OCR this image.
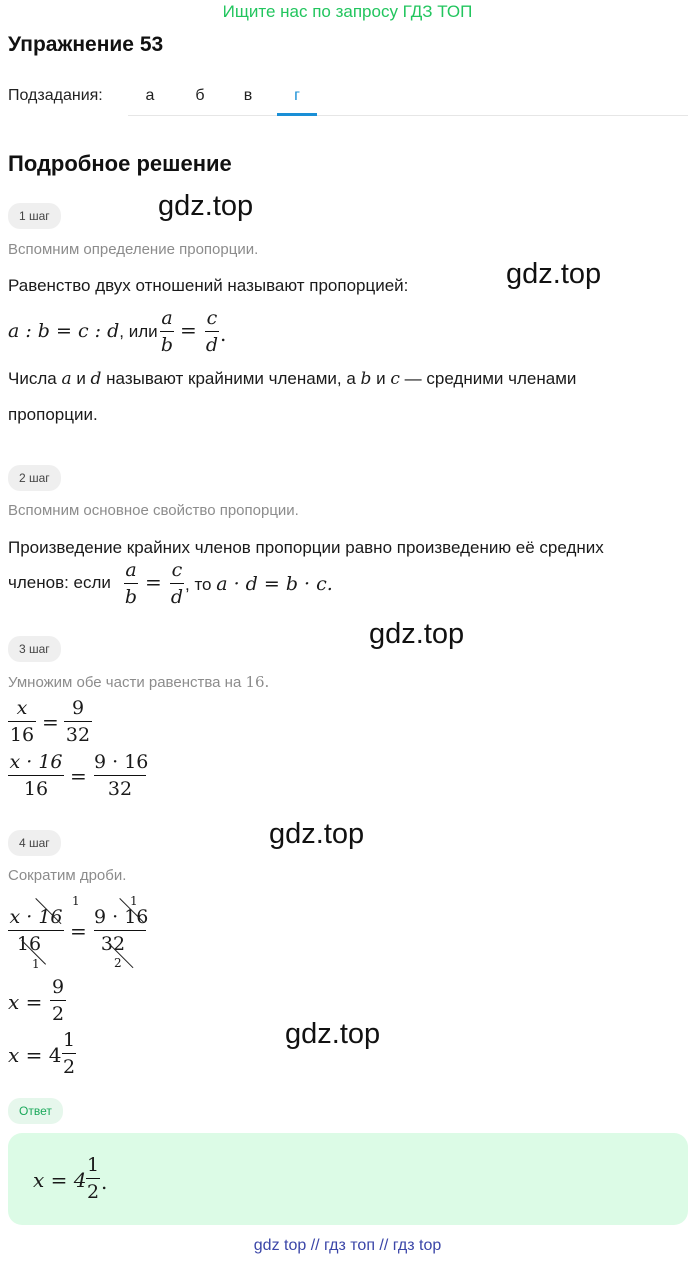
Ищите нас по запросу ГДЗ ТОП
Упражнение 53
Подзадания:	а	б	в	г
Подробное решение
gdz.top
gdz.top
gdz.top
gdz.top
gdz.top
1 шаг
Вспомним определение пропорции.
Равенство двух отношений называют пропорцией:
a : b = c : d, или
a
b
= c
d .
Числа a и d называют крайними членами, а b и c — средними членами
пропорции.
2 шаг
Вспомним основное свойство пропорции.
Произведение крайних членов пропорции равно произведению её средних
членов: если
a
b
= c
d
, то a · d = b · c.
3 шаг
Умножим обе части равенства на 16.
x
16
=
9
32
x · 16
16
=
9 · 16
32
4 шаг
Сократим дроби.
x · 16
16
=
9 · 16
32
1
1
1
2
x =
9
2
x = 4
1
2
Ответ
x = 4
1
2 .
gdz top // гдз топ // гдз top
